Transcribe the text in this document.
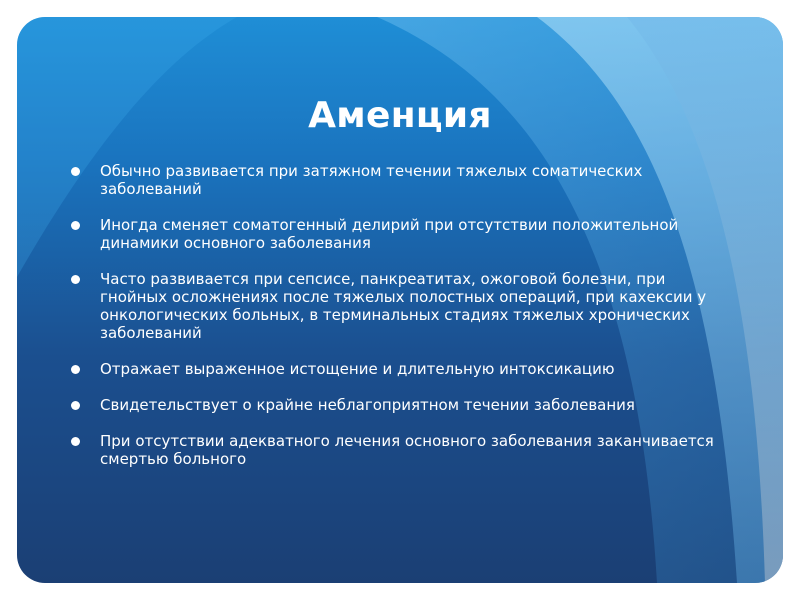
Аменция
Обычно развивается при затяжном течении тяжелых соматических заболеваний
Иногда сменяет соматогенный делирий при отсутствии положительной динамики основного заболевания
Часто развивается при сепсисе, панкреатитах, ожоговой болезни, при гнойных осложнениях после тяжелых полостных операций, при кахексии у онкологических больных, в терминальных стадиях тяжелых хронических заболеваний
Отражает выраженное истощение и длительную интоксикацию
Свидетельствует о крайне неблагоприятном течении заболевания
При отсутствии адекватного лечения основного заболевания заканчивается смертью больного
